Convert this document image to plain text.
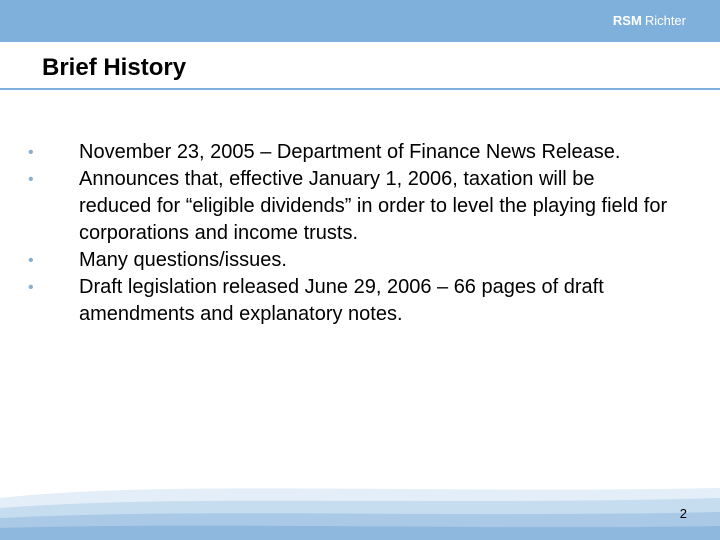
RSM Richter
Brief History
• November 23, 2005 – Department of Finance News Release.
• Announces that, effective January 1, 2006, taxation will be reduced for “eligible dividends” in order to level the playing field for corporations and income trusts.
• Many questions/issues.
• Draft legislation released June 29, 2006 – 66 pages of draft amendments and explanatory notes.
2
